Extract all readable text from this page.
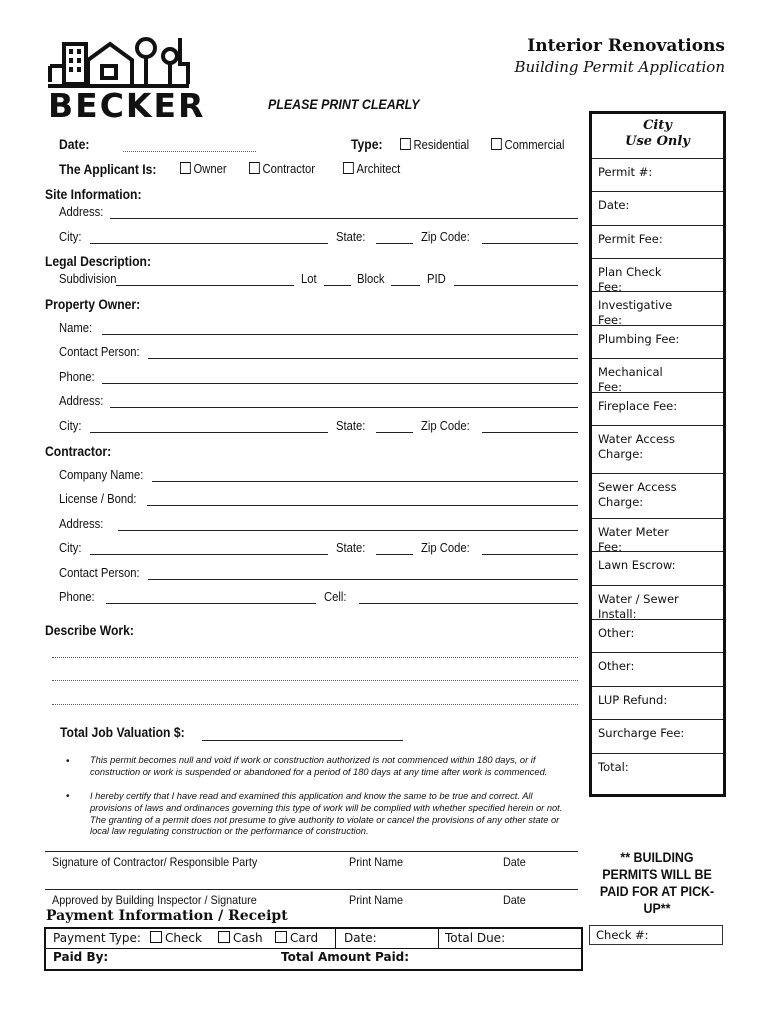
BECKER
Interior Renovations
Building Permit Application
PLEASE PRINT CLEARLY
Date:	Type:	Residential	Commercial
The Applicant Is:	Owner	Contractor	Architect
Site Information:
Address:
City:	State:	Zip Code:
Legal Description:
Subdivision	Lot	Block	PID
Property Owner:
Name:
Contact Person:
Phone:
Address:
City:	State:	Zip Code:
Contractor:
Company Name:
License / Bond:
Address:
City:	State:	Zip Code:
Contact Person:
Phone:	Cell:
Describe Work:
Total Job Valuation $:
• This permit becomes null and void if work or construction authorized is not commenced within 180 days, or if construction or work is suspended or abandoned for a period of 180 days at any time after work is commenced.
• I hereby certify that I have read and examined this application and know the same to be true and correct. All provisions of laws and ordinances governing this type of work will be complied with whether specified herein or not. The granting of a permit does not presume to give authority to violate or cancel the provisions of any other state or local law regulating construction or the performance of construction.
Signature of Contractor/ Responsible Party	Print Name	Date
Approved by Building Inspector / Signature	Print Name	Date
Payment Information / Receipt
Payment Type:	Check	Cash	Card Date:	Total Due:
Paid By:	Total Amount Paid:
City
Use Only
Permit #:
Date:
Permit Fee:
Plan Check Fee:
Investigative Fee:
Plumbing Fee:
Mechanical Fee:
Fireplace Fee:
Water Access Charge:
Sewer Access Charge:
Water Meter Fee:
Lawn Escrow:
Water / Sewer Install:
Other:
Other:
LUP Refund:
Surcharge Fee:
Total:
** BUILDING PERMITS WILL BE PAID FOR AT PICK-UP**
Check #:
